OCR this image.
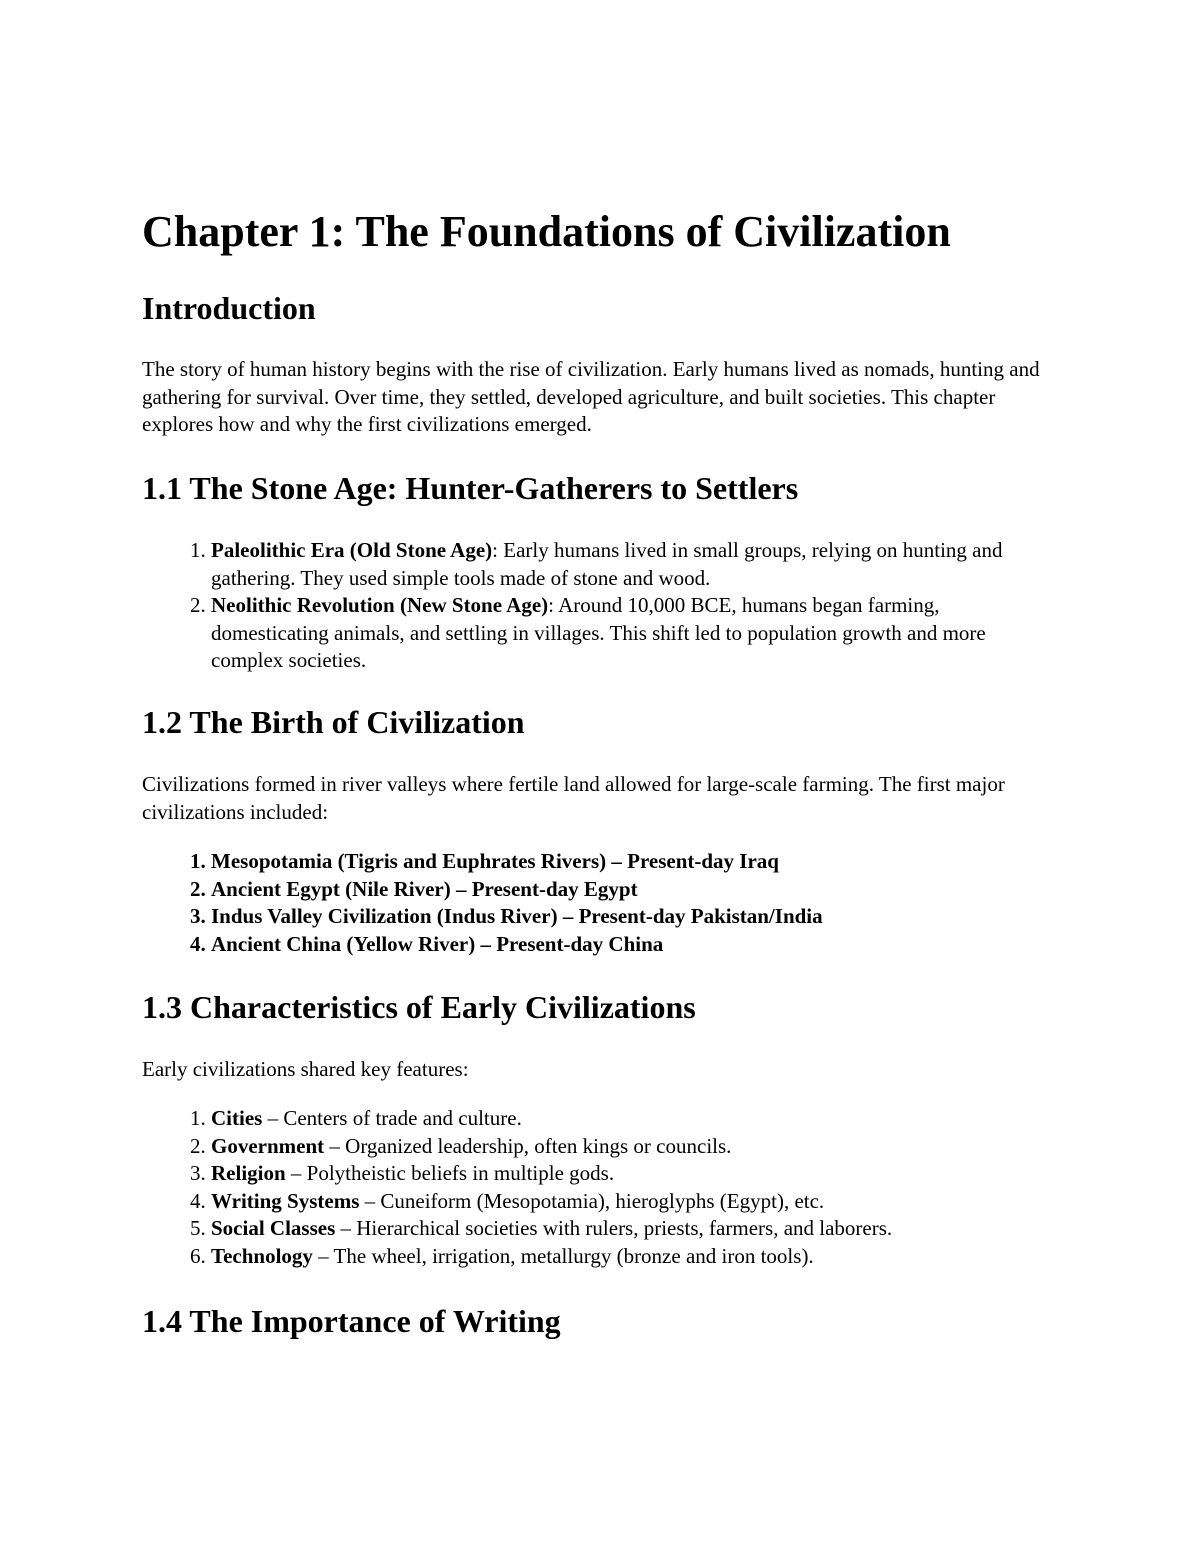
Chapter 1: The Foundations of Civilization
Introduction

The story of human history begins with the rise of civilization. Early humans lived as nomads, hunting and gathering for survival. Over time, they settled, developed agriculture, and built societies. This chapter explores how and why the first civilizations emerged.

1.1 The Stone Age: Hunter-Gatherers to Settlers
1. Paleolithic Era (Old Stone Age): Early humans lived in small groups, relying on hunting and gathering. They used simple tools made of stone and wood.
2. Neolithic Revolution (New Stone Age): Around 10,000 BCE, humans began farming, domesticating animals, and settling in villages. This shift led to population growth and more complex societies.
1.2 The Birth of Civilization

Civilizations formed in river valleys where fertile land allowed for large-scale farming. The first major civilizations included:

1. Mesopotamia (Tigris and Euphrates Rivers) – Present-day Iraq
2. Ancient Egypt (Nile River) – Present-day Egypt
3. Indus Valley Civilization (Indus River) – Present-day Pakistan/India
4. Ancient China (Yellow River) – Present-day China
1.3 Characteristics of Early Civilizations

Early civilizations shared key features:

1. Cities – Centers of trade and culture.
2. Government – Organized leadership, often kings or councils.
3. Religion – Polytheistic beliefs in multiple gods.
4. Writing Systems – Cuneiform (Mesopotamia), hieroglyphs (Egypt), etc.
5. Social Classes – Hierarchical societies with rulers, priests, farmers, and laborers.
6. Technology – The wheel, irrigation, metallurgy (bronze and iron tools).
1.4 The Importance of Writing
